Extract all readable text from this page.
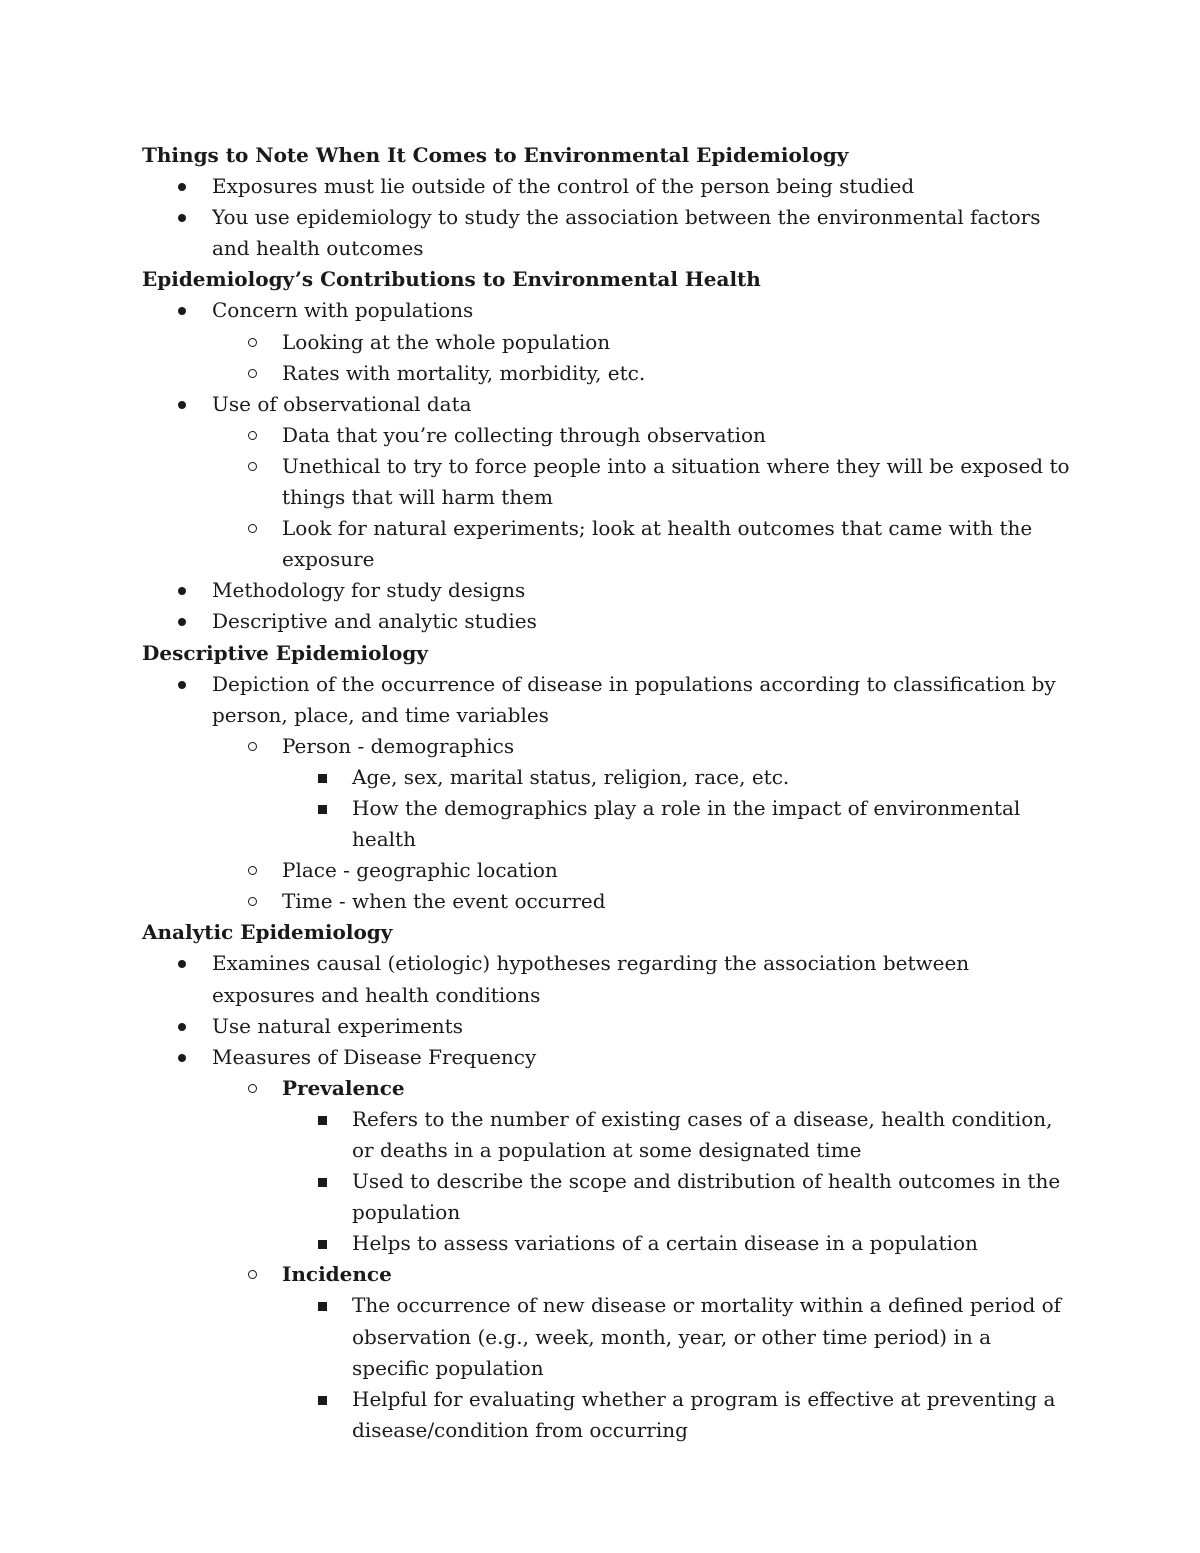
Things to Note When It Comes to Environmental Epidemiology

Exposures must lie outside of the control of the person being studied
You use epidemiology to study the association between the environmental factors and health outcomes

Epidemiology’s Contributions to Environmental Health

Concern with populations
Looking at the whole population
Rates with mortality, morbidity, etc.
Use of observational data
Data that you’re collecting through observation
Unethical to try to force people into a situation where they will be exposed to things that will harm them
Look for natural experiments; look at health outcomes that came with the exposure
Methodology for study designs
Descriptive and analytic studies

Descriptive Epidemiology

Depiction of the occurrence of disease in populations according to classification by person, place, and time variables
Person - demographics
Age, sex, marital status, religion, race, etc.
How the demographics play a role in the impact of environmental health
Place - geographic location
Time - when the event occurred

Analytic Epidemiology

Examines causal (etiologic) hypotheses regarding the association between exposures and health conditions
Use natural experiments
Measures of Disease Frequency
Prevalence
Refers to the number of existing cases of a disease, health condition, or deaths in a population at some designated time
Used to describe the scope and distribution of health outcomes in the population
Helps to assess variations of a certain disease in a population
Incidence
The occurrence of new disease or mortality within a defined period of observation (e.g., week, month, year, or other time period) in a specific population
Helpful for evaluating whether a program is effective at preventing a disease/condition from occurring
